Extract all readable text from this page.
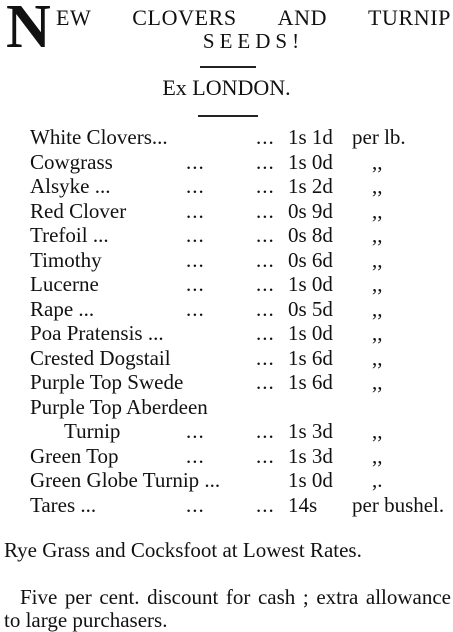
N EW CLOVERS AND TURNIP
SEEDS!
Ex LONDON.
White Clovers...	... 1s 1d per lb.
Cowgrass	... ... 1s 0d ,,
Alsyke ...	... ... 1s 2d ,,
Red Clover	... ... 0s 9d ,,
Trefoil ...	... ... 0s 8d ,,
Timothy	... ... 0s 6d ,,
Lucerne	... ... 1s 0d ,,
Rape ...	... ... 0s 5d ,,
Poa Pratensis ...	... 1s 0d ,,
Crested Dogstail	... 1s 6d ,,
Purple Top Swede	... 1s 6d ,,
Purple Top Aberdeen
Turnip	... ... 1s 3d ,,
Green Top	... ... 1s 3d ,,
Green Globe Turnip ...	1s 0d ,.
Tares ...	... ... 14s per bushel.
Rye Grass and Cocksfoot at Lowest Rates.
Five per cent. discount for cash ; extra allowance to large purchasers.
